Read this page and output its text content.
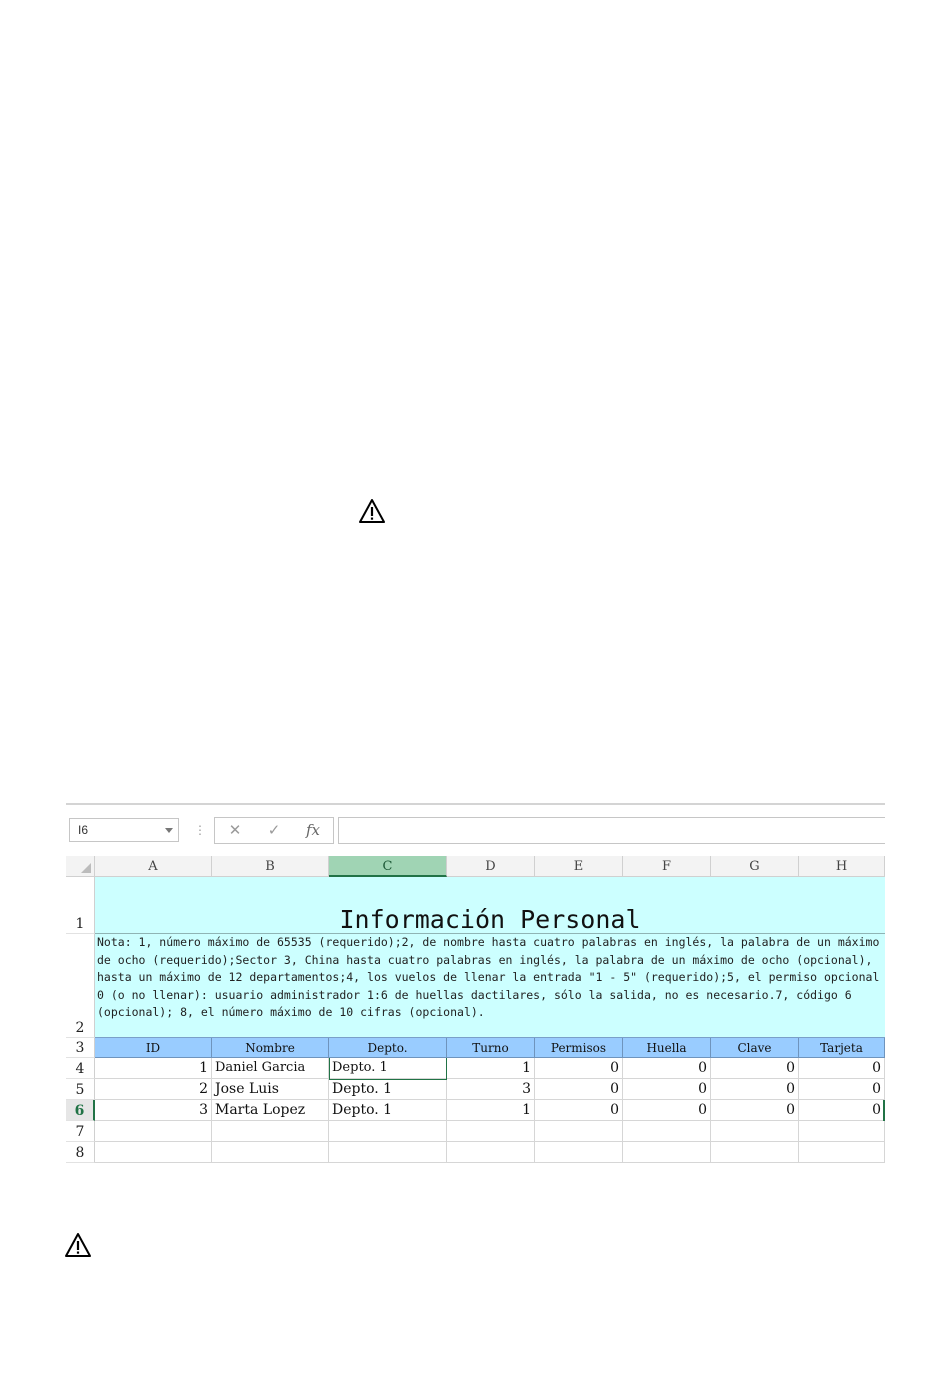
I6	⋮	✕	✓	fx
A	B	C	D	E	F	G	H
1
2
3
4
5
6
7
8
Información Personal
Nota: 1, número máximo de 65535 (requerido);2, de nombre hasta cuatro palabras en inglés, la palabra de un máximo de ocho (requerido);Sector 3, China hasta cuatro palabras en inglés, la palabra de un máximo de ocho (opcional), hasta un máximo de 12 departamentos;4, los vuelos de llenar la entrada "1 - 5" (requerido);5, el permiso opcional 0 (o no llenar): usuario administrador 1:6 de huellas dactilares, sólo la salida, no es necesario.7, código 6 (opcional); 8, el número máximo de 10 cifras (opcional).
ID	Nombre	Depto.	Turno	Permisos	Huella	Clave	Tarjeta
1 Daniel Garcia	Depto. 1	1	0	0	0	0
2 Jose Luis	Depto. 1	3	0	0	0	0
3 Marta Lopez	Depto. 1	1	0	0	0	0
